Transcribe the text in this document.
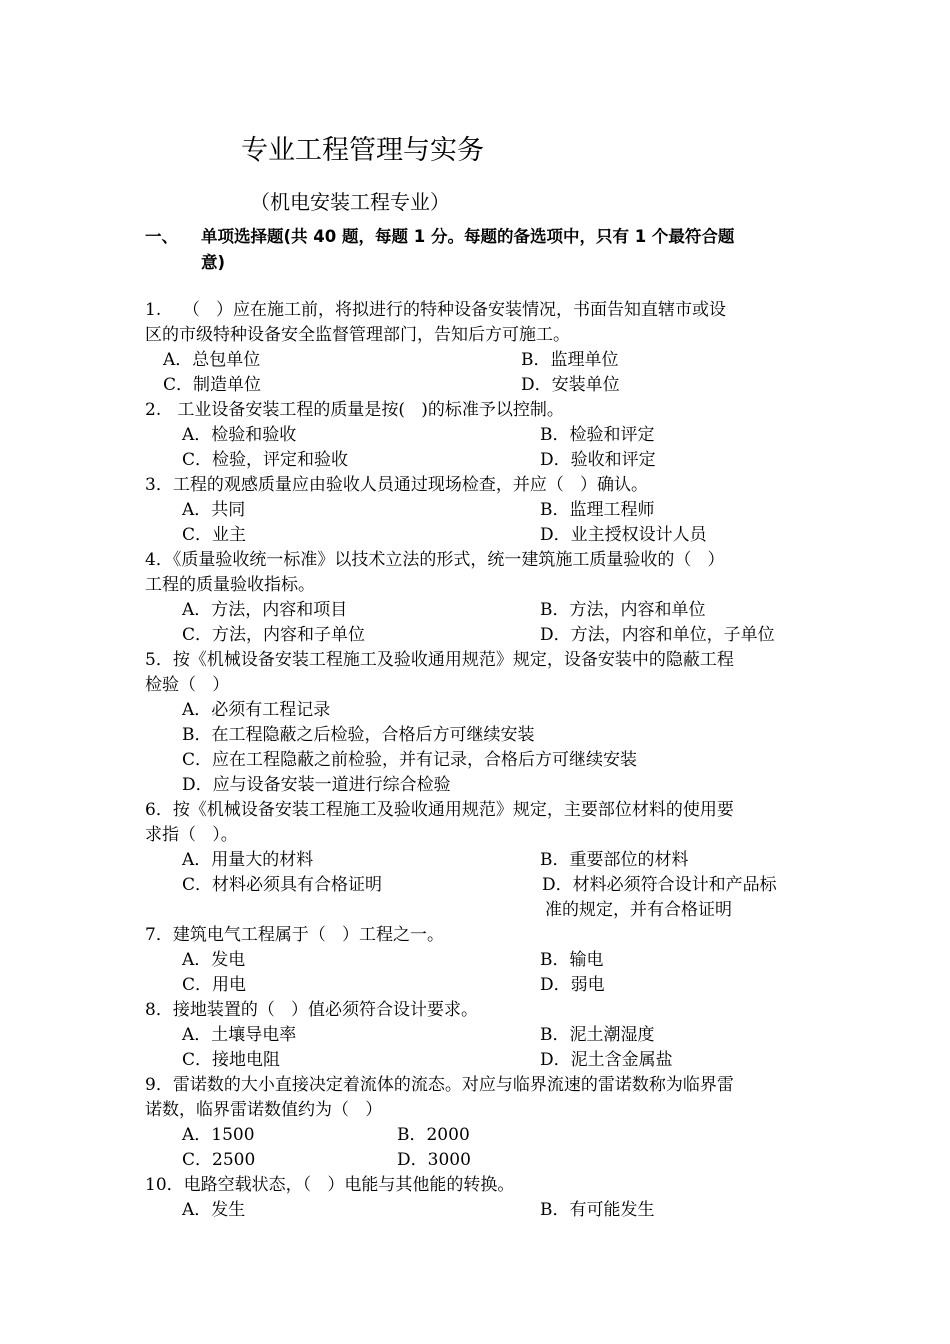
专业工程管理与实务
（机电安装工程专业）
一、 单项选择题(共 40 题，每题 1 分。每题的备选项中，只有 1 个最符合题
意)
1.    （   ）应在施工前，将拟进行的特种设备安装情况，书面告知直辖市或设
区的市级特种设备安全监督管理部门，告知后方可施工。
A．总包单位	B．监理单位
C．制造单位	D．安装单位
2.   工业设备安装工程的质量是按(   )的标准予以控制。
A．检验和验收	B．检验和评定
C．检验，评定和验收	D．验收和评定
3．工程的观感质量应由验收人员通过现场检查，并应（   ）确认。
A．共同	B．监理工程师
C．业主	D．业主授权设计人员
4．《质量验收统一标准》以技术立法的形式，统一建筑施工质量验收的（   ）
工程的质量验收指标。
A．方法，内容和项目	B．方法，内容和单位
C．方法，内容和子单位	D．方法，内容和单位，子单位
5．按《机械设备安装工程施工及验收通用规范》规定，设备安装中的隐蔽工程
检验（   ）
A．必须有工程记录
B．在工程隐蔽之后检验，合格后方可继续安装
C．应在工程隐蔽之前检验，并有记录，合格后方可继续安装
D．应与设备安装一道进行综合检验
6．按《机械设备安装工程施工及验收通用规范》规定，主要部位材料的使用要
求指（   ）。
A．用量大的材料	B．重要部位的材料
C．材料必须具有合格证明	D．材料必须符合设计和产品标
准的规定，并有合格证明
7．建筑电气工程属于（   ）工程之一。
A．发电	B．输电
C．用电	D．弱电
8．接地装置的（   ）值必须符合设计要求。
A．土壤导电率	B．泥土潮湿度
C．接地电阻	D．泥土含金属盐
9．雷诺数的大小直接决定着流体的流态。对应与临界流速的雷诺数称为临界雷
诺数，临界雷诺数值约为（   ）
A．1500	B．2000
C．2500	D．3000
10．电路空载状态，（   ）电能与其他能的转换。
A．发生	B．有可能发生
